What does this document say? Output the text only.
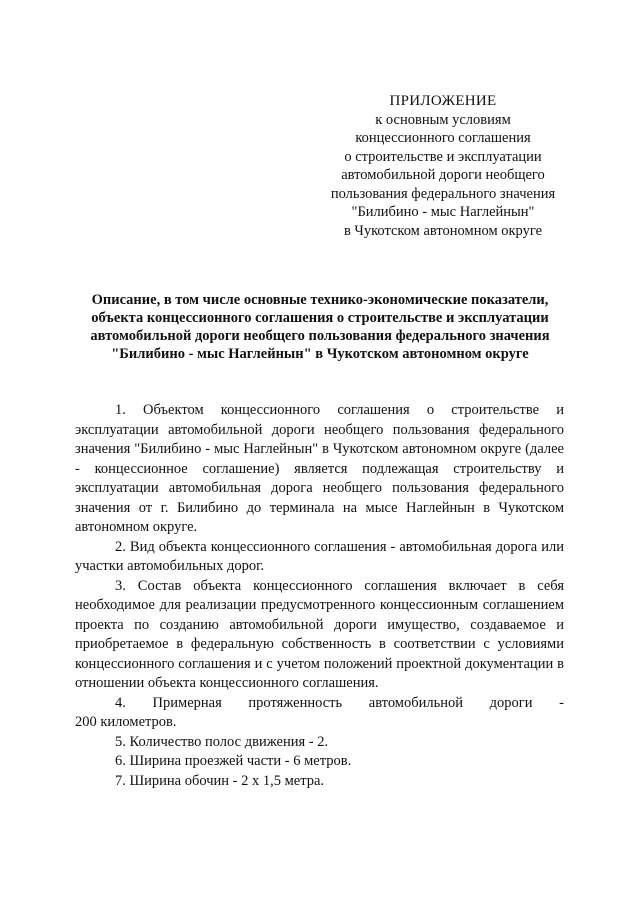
ПРИЛОЖЕНИЕ
к основным условиям
концессионного соглашения
о строительстве и эксплуатации
автомобильной дороги необщего
пользования федерального значения
"Билибино - мыс Наглейнын"
в Чукотском автономном округе
Описание, в том числе основные технико-экономические показатели,
объекта концессионного соглашения о строительстве и эксплуатации
автомобильной дороги необщего пользования федерального значения
"Билибино - мыс Наглейнын" в Чукотском автономном округе

1. Объектом концессионного соглашения о строительстве и эксплуатации автомобильной дороги необщего пользования федерального значения "Билибино - мыс Наглейнын" в Чукотском автономном округе (далее - концессионное соглашение) является подлежащая строительству и эксплуатации автомобильная дорога необщего пользования федерального значения от г. Билибино до терминала на мысе Наглейнын в Чукотском автономном округе.

2. Вид объекта концессионного соглашения - автомобильная дорога или участки автомобильных дорог.

3. Состав объекта концессионного соглашения включает в себя необходимое для реализации предусмотренного концессионным соглашением проекта по созданию автомобильной дороги имущество, создаваемое и приобретаемое в федеральную собственность в соответствии с условиями концессионного соглашения и с учетом положений проектной документации в отношении объекта концессионного соглашения.

4. Примерная протяженность автомобильной дороги -

200 километров.

5. Количество полос движения - 2.

6. Ширина проезжей части - 6 метров.

7. Ширина обочин - 2 x 1,5 метра.
